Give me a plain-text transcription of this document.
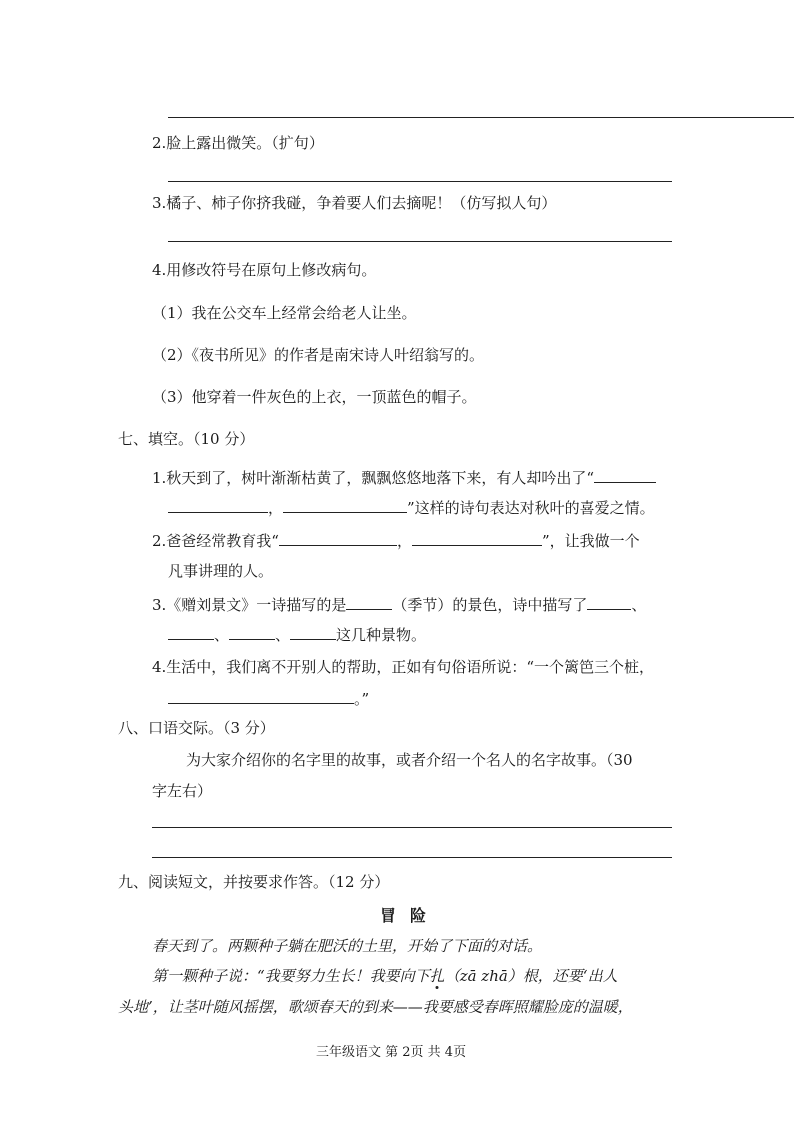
2.脸上露出微笑。（扩句）
3.橘子、柿子你挤我碰，争着要人们去摘呢！（仿写拟人句）
4.用修改符号在原句上修改病句。
（1）我在公交车上经常会给老人让坐。
（2）《夜书所见》的作者是南宋诗人叶绍翁写的。
（3）他穿着一件灰色的上衣，一顶蓝色的帽子。
七、填空。（10 分）
1.秋天到了，树叶渐渐枯黄了，飘飘悠悠地落下来，有人却吟出了“
，	”这样的诗句表达对秋叶的喜爱之情。
2.爸爸经常教育我“	，	”，让我做一个
凡事讲理的人。
3.《赠刘景文》一诗描写的是	（季节）的景色，诗中描写了	、
、	、	这几种景物。
4.生活中，我们离不开别人的帮助，正如有句俗语所说：“一个篱笆三个桩，
。”
八、口语交际。（3 分）
为大家介绍你的名字里的故事，或者介绍一个名人的名字故事。（30
字左右）
九、阅读短文，并按要求作答。（12 分）
冒险
春天到了。两颗种子躺在肥沃的土里，开始了下面的对话。
第一颗种子说：“我要努力生长！我要向下扎（zā zhā）根，还要‘出人
头地’，让茎叶随风摇摆，歌颂春天的到来——我要感受春晖照耀脸庞的温暖，
三年级语文 第 2页 共 4页
